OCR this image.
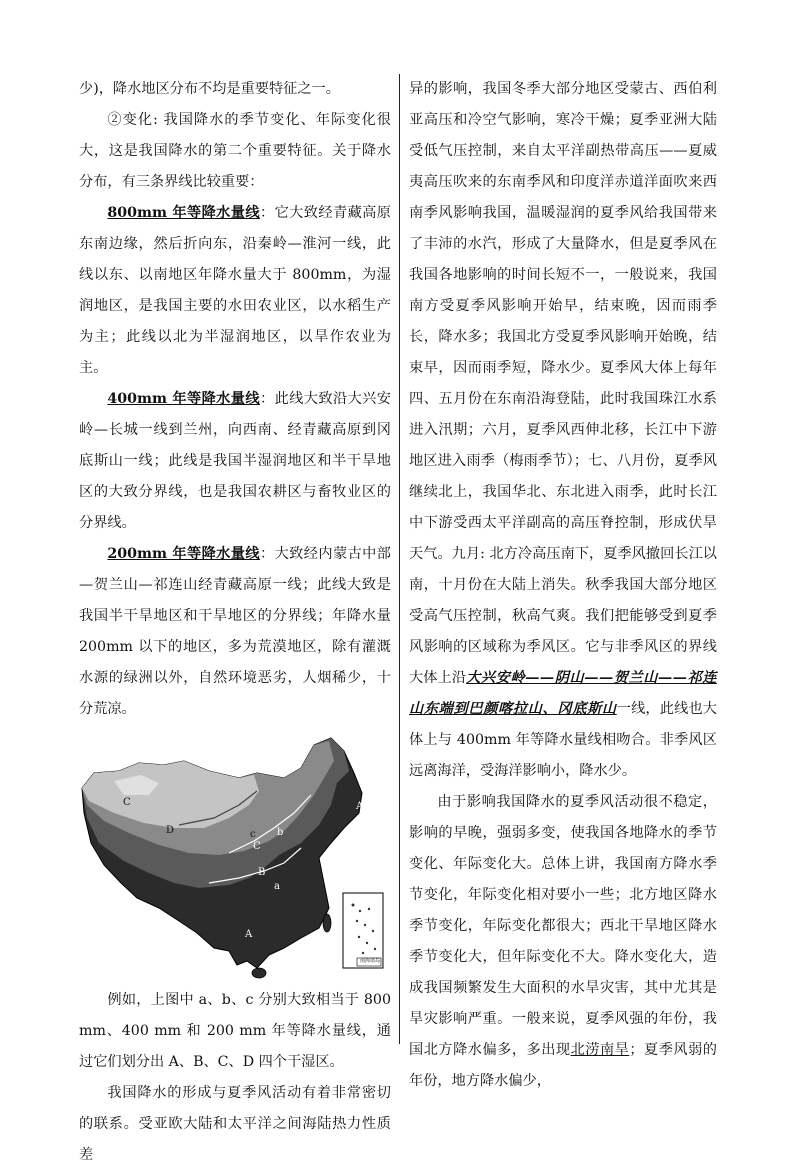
少)，降水地区分布不均是重要特征之一。

②变化: 我国降水的季节变化、年际变化很大，这是我国降水的第二个重要特征。关于降水分布，有三条界线比较重要：

800mm 年等降水量线：它大致经青藏高原东南边缘，然后折向东，沿秦岭—淮河一线，此线以东、以南地区年降水量大于 800mm，为湿润地区，是我国主要的水田农业区，以水稻生产为主；此线以北为半湿润地区，以旱作农业为主。

400mm 年等降水量线：此线大致沿大兴安岭—长城一线到兰州，向西南、经青藏高原到冈底斯山一线；此线是我国半湿润地区和半干旱地区的大致分界线，也是我国农耕区与畜牧业区的分界线。

200mm 年等降水量线：大致经内蒙古中部—贺兰山—祁连山经青藏高原一线；此线大致是我国半干旱地区和干旱地区的分界线；年降水量 200mm 以下的地区，多为荒漠地区，除有灌溉水源的绿洲以外，自然环境恶劣，人烟稀少，十分荒凉。

A
A
B
C
C
D
a
b
c
南海诸岛

例如，上图中 a、b、c 分别大致相当于 800 mm、400 mm 和 200 mm 年等降水量线，通过它们划分出 A、B、C、D 四个干湿区。

我国降水的形成与夏季风活动有着非常密切的联系。受亚欧大陆和太平洋之间海陆热力性质差

异的影响，我国冬季大部分地区受蒙古、西伯利亚高压和冷空气影响，寒冷干燥；夏季亚洲大陆受低气压控制，来自太平洋副热带高压——夏威夷高压吹来的东南季风和印度洋赤道洋面吹来西南季风影响我国，温暖湿润的夏季风给我国带来了丰沛的水汽，形成了大量降水，但是夏季风在我国各地影响的时间长短不一，一般说来，我国南方受夏季风影响开始早，结束晚，因而雨季长，降水多；我国北方受夏季风影响开始晚，结束早，因而雨季短，降水少。夏季风大体上每年四、五月份在东南沿海登陆，此时我国珠江水系进入汛期；六月，夏季风西伸北移，长江中下游地区进入雨季（梅雨季节）；七、八月份，夏季风继续北上，我国华北、东北进入雨季，此时长江中下游受西太平洋副高的高压脊控制，形成伏旱天气。九月: 北方冷高压南下，夏季风撤回长江以南，十月份在大陆上消失。秋季我国大部分地区受高气压控制，秋高气爽。我们把能够受到夏季风影响的区域称为季风区。它与非季风区的界线大体上沿大兴安岭——阴山——贺兰山——祁连山东端到巴颜喀拉山、冈底斯山一线，此线也大体上与 400mm 年等降水量线相吻合。非季风区远离海洋，受海洋影响小，降水少。

由于影响我国降水的夏季风活动很不稳定，影响的早晚，强弱多变，使我国各地降水的季节变化、年际变化大。总体上讲，我国南方降水季节变化，年际变化相对要小一些；北方地区降水季节变化，年际变化都很大；西北干旱地区降水季节变化大，但年际变化不大。降水变化大，造成我国频繁发生大面积的水旱灾害，其中尤其是旱灾影响严重。一般来说，夏季风强的年份，我国北方降水偏多，多出现北涝南旱；夏季风弱的年份，地方降水偏少，
